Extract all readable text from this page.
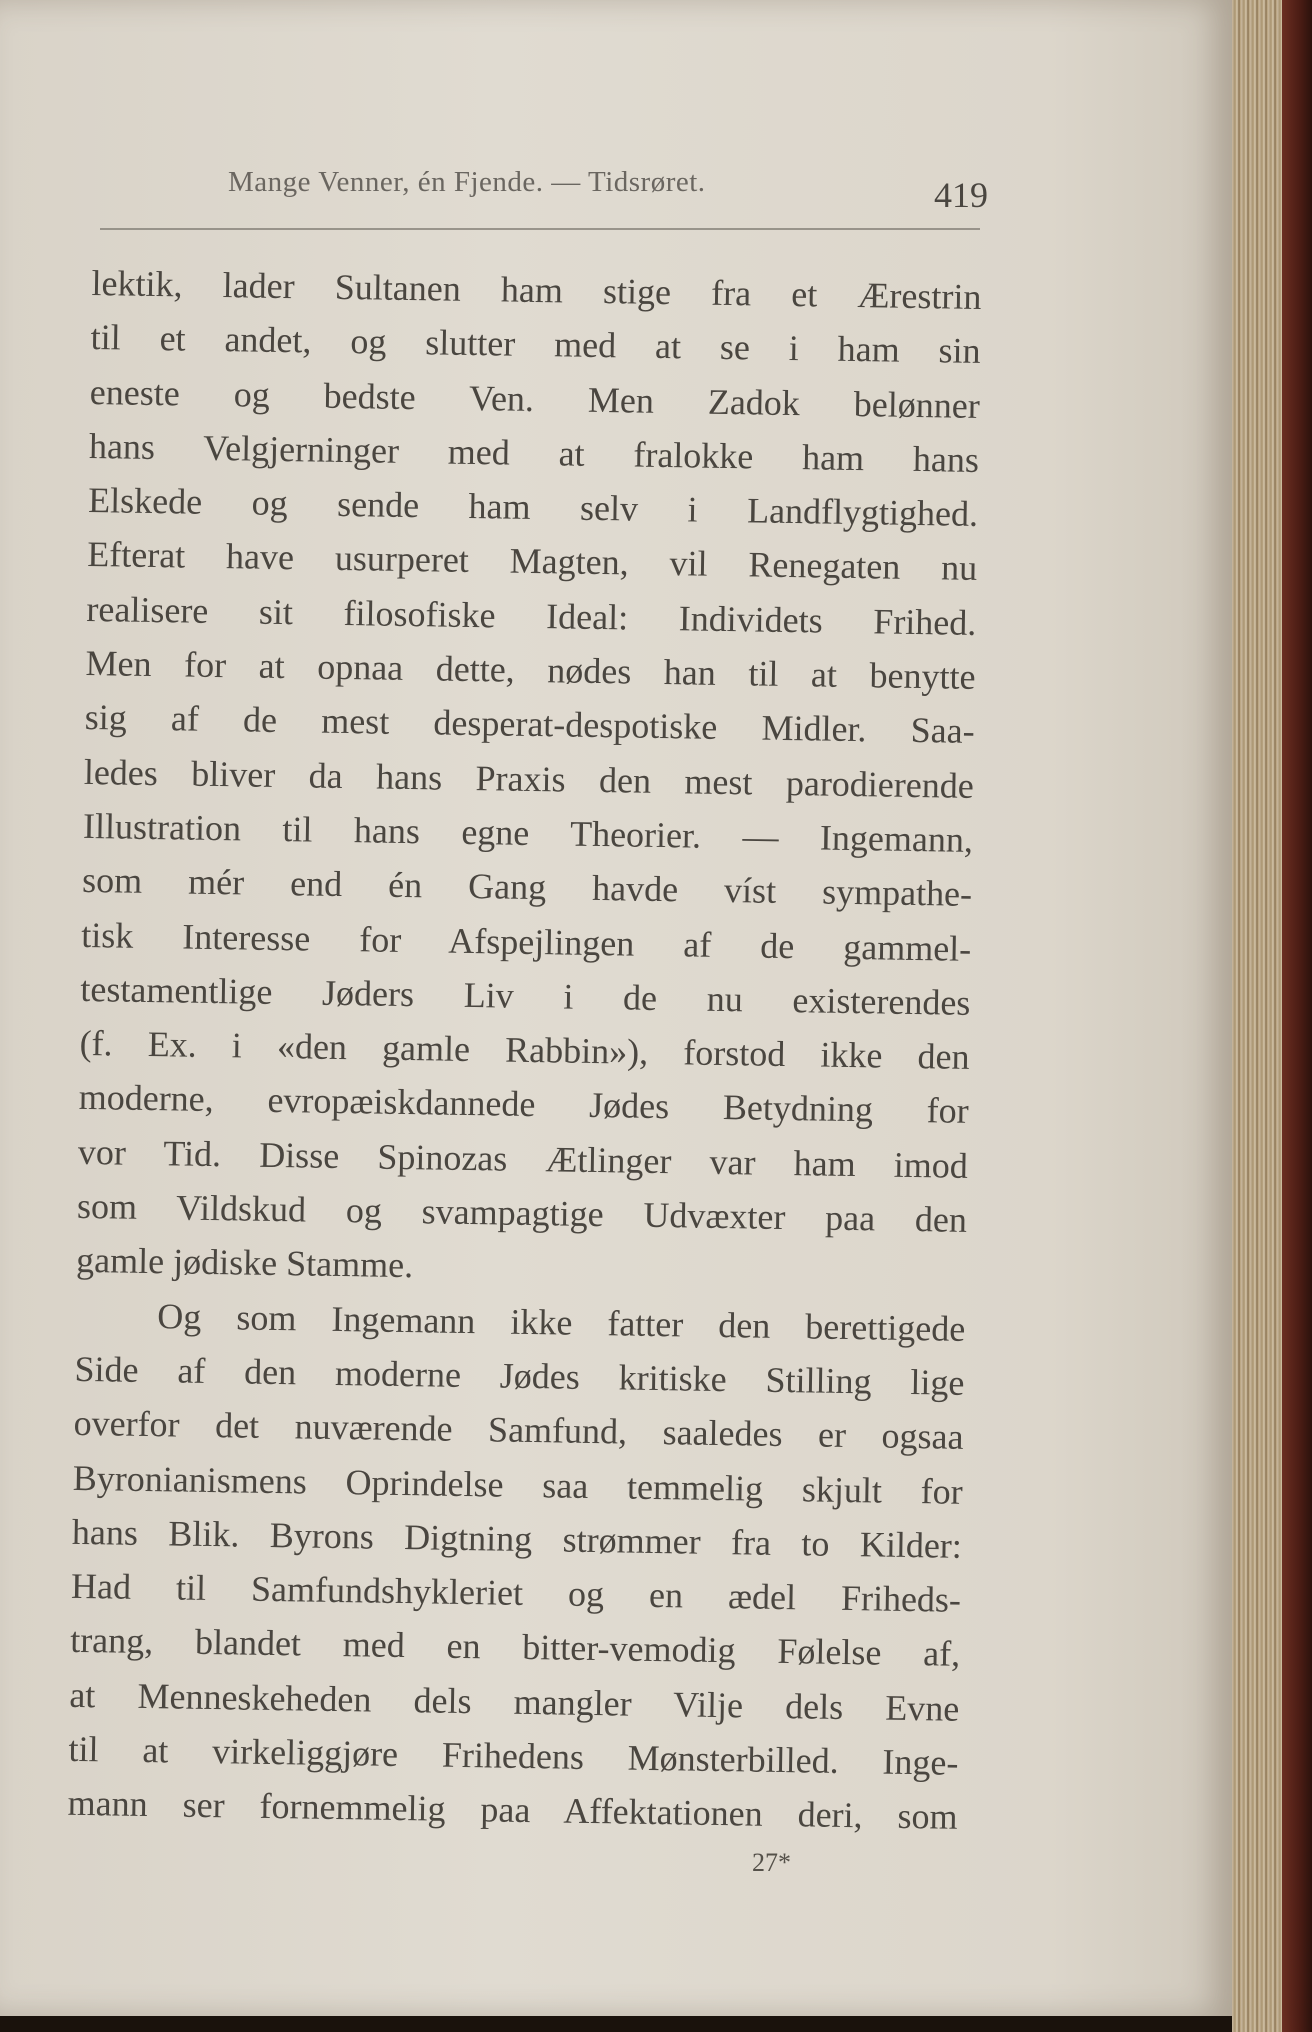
Mange Venner, én Fjende. — Tidsrøret.	419
lektik, lader Sultanen ham stige fra et Ærestrin
til et andet, og slutter med at se i ham sin
eneste og bedste Ven. Men Zadok belønner
hans Velgjerninger med at fralokke ham hans
Elskede og sende ham selv i Landflygtighed.
Efterat have usurperet Magten, vil Renegaten nu
realisere sit filosofiske Ideal: Individets Frihed.
Men for at opnaa dette, nødes han til at benytte
sig af de mest desperat-despotiske Midler. Saa-
ledes bliver da hans Praxis den mest parodierende
Illustration til hans egne Theorier. — Ingemann,
som mér end én Gang havde víst sympathe-
tisk Interesse for Afspejlingen af de gammel-
testamentlige Jøders Liv i de nu existerendes
(f. Ex. i «den gamle Rabbin»), forstod ikke den
moderne, evropæiskdannede Jødes Betydning for
vor Tid. Disse Spinozas Ætlinger var ham imod
som Vildskud og svampagtige Udvæxter paa den
gamle jødiske Stamme.
Og som Ingemann ikke fatter den berettigede
Side af den moderne Jødes kritiske Stilling lige
overfor det nuværende Samfund, saaledes er ogsaa
Byronianismens Oprindelse saa temmelig skjult for
hans Blik. Byrons Digtning strømmer fra to Kilder:
Had til Samfundshykleriet og en ædel Friheds-
trang, blandet med en bitter-vemodig Følelse af,
at Menneskeheden dels mangler Vilje dels Evne
til at virkeliggjøre Frihedens Mønsterbilled. Inge-
mann ser fornemmelig paa Affektationen deri, som
27*
